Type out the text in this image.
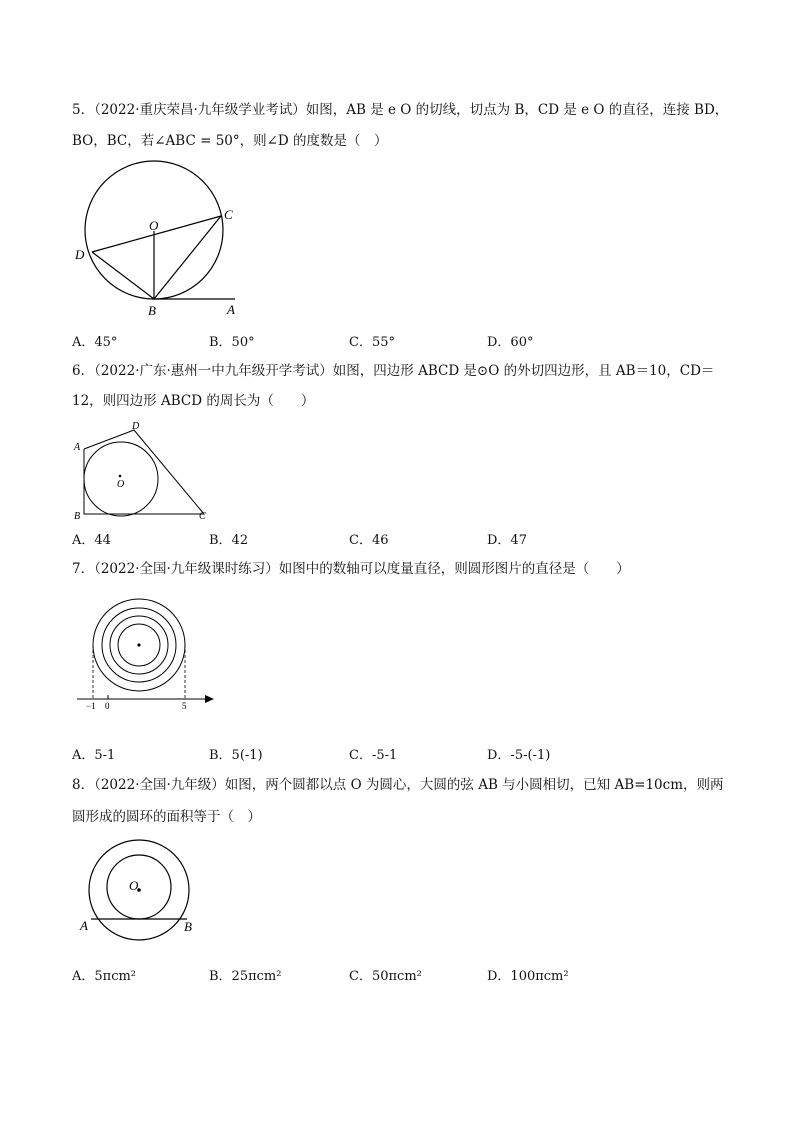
5．（2022·重庆荣昌·九年级学业考试）如图，AB 是 e O 的切线，切点为 B，CD 是 e O 的直径，连接 BD，
BO，BC，若∠ABC = 50°，则∠D 的度数是（　）
O
C
D
B	A
A．45°	B．50°	C．55°	D．60°
6．（2022·广东·惠州一中九年级开学考试）如图，四边形 ABCD 是⊙O 的外切四边形，且 AB＝10，CD＝
12，则四边形 ABCD 的周长为（　　）
A
D
O
B	C
A．44	B．42	C．46	D．47
7．（2022·全国·九年级课时练习）如图中的数轴可以度量直径，则圆形图片的直径是（　　）
−1 0	5
A．5-1	B．5(-1)	C．-5-1	D．-5-(-1)
8．（2022·全国·九年级）如图，两个圆都以点 O 为圆心，大圆的弦 AB 与小圆相切，已知 AB=10cm，则两
圆形成的圆环的面积等于（　）
O
A	B
A．5πcm²	B．25πcm²	C．50πcm²	D．100πcm²
